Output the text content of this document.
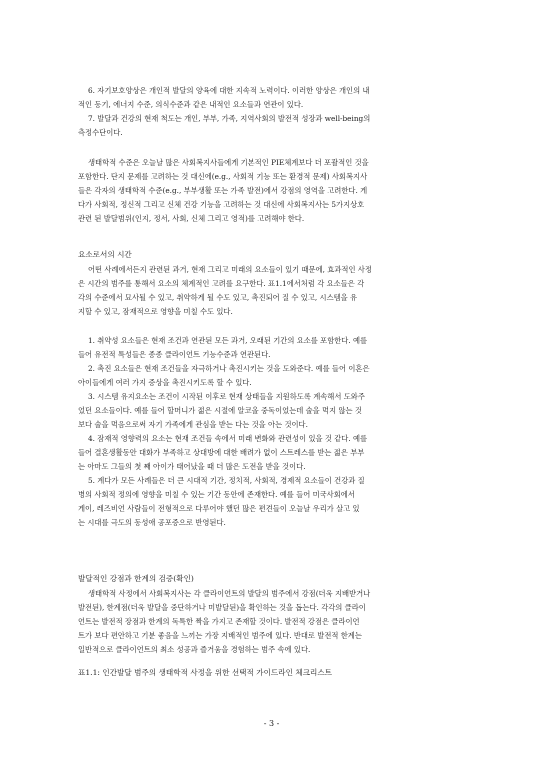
6. 자기보호양상은 개인적 발달의 양육에 대한 지속적 노력이다. 이러한 양상은 개인의 내
적인 동기, 에너지 수준, 의식수준과 같은 내적인 요소들과 연관이 있다.
7. 발달과 건강의 현재 척도는 개인, 부부, 가족, 지역사회의 발전적 성장과 well-being의
측정수단이다.
생태학적 수준은 오늘날 많은 사회복지사들에게 기본적인 PIE체계보다 더 포괄적인 것을
포함한다. 단지 문제를 고려하는 것 대신에(e.g., 사회적 기능 또는 환경적 문제) 사회복지사
들은 각자의 생태학적 수준(e.g., 부부생활 또는 가족 발전)에서 강점의 영역을 고려한다. 게
다가 사회적, 정신적 그리고 신체 건강 기능을 고려하는 것 대신에 사회복지사는 5가지상호
관련 된 발달범위(인지, 정서, 사회, 신체 그리고 영적)를 고려해야 한다.

요소로서의 시간

어떤 사례에서든지 관련된 과거, 현재 그리고 미래의 요소들이 있기 때문에, 효과적인 사정
은 시간의 범주를 통해서 요소의 체계적인 고려를 요구한다. 표1.1에서처럼 각 요소들은 각
각의 수준에서 묘사될 수 있고, 취약하게 될 수도 있고, 촉진되어 질 수 있고, 시스템을 유
지할 수 있고, 잠재적으로 영향을 미칠 수도 있다.
1. 취약성 요소들은 현재 조건과 연관된 모든 과거, 오래된 기간의 요소를 포함한다. 예를
들어 유전적 특성들은 종종 클라이언트 기능수준과 연관된다.
2. 촉진 요소들은 현재 조건들을 자극하거나 촉진시키는 것을 도와준다. 예를 들어 이혼은
아이들에게 여러 가지 증상을 촉진시키도록 할 수 있다.
3. 시스템 유지요소는 조건이 시작된 이후로 현재 상태들을 지원하도록 계속해서 도와주
었던 요소들이다. 예를 들어 할머니가 젊은 시절에 알코올 중독이었는데 술을 먹지 않는 것
보다 술을 먹음으로써 자기 가족에게 관심을 받는 다는 것을 아는 것이다.
4. 잠재적 영향력의 요소는 현재 조건들 속에서 미래 변화와 관련성이 있을 것 같다. 예를
들어 결혼생활동안 대화가 부족하고 상대방에 대한 배려가 없이 스트레스를 받는 젊은 부부
는 아마도 그들의 첫 째 아이가 태어났을 때 더 많은 도전을 받을 것이다.
5. 계다가 모든 사례들은 더 큰 시대적 기간, 정치적, 사회적, 경제적 요소들이 건강과 질
병의 사회적 정의에 영향을 미칠 수 있는 기간 동안에 존재한다. 예를 들어 미국사회에서
게이, 레즈비언 사람들이 전형적으로 다루어야 했던 많은 편견들이 오늘날 우리가 살고 있
는 시대를 극도의 동성애 공포증으로 반영된다.

발달적인 강점과 한계의 검증(확인)

생태학적 사정에서 사회복지사는 각 클라이언트의 발달의 범주에서 강점(더욱 지배받거나
발전된), 한계점(더욱 발달을 중단하거나 미발달된)을 확인하는 것을 돕는다. 각각의 클라이
언트는 발전적 장점과 한계의 독특한 짝을 가지고 존재할 것이다. 발전적 강점은 클라이언
트가 보다 편안하고 기분 좋음을 느끼는 가장 지배적인 범주에 있다. 반대로 발전적 한계는
일반적으로 클라이언트의 최소 성공과 즐거움을 경험하는 범주 속에 있다.

표1.1: 인간발달 범주의 생태학적 사정을 위한 선택적 가이드라인 체크리스트

- 3 -
